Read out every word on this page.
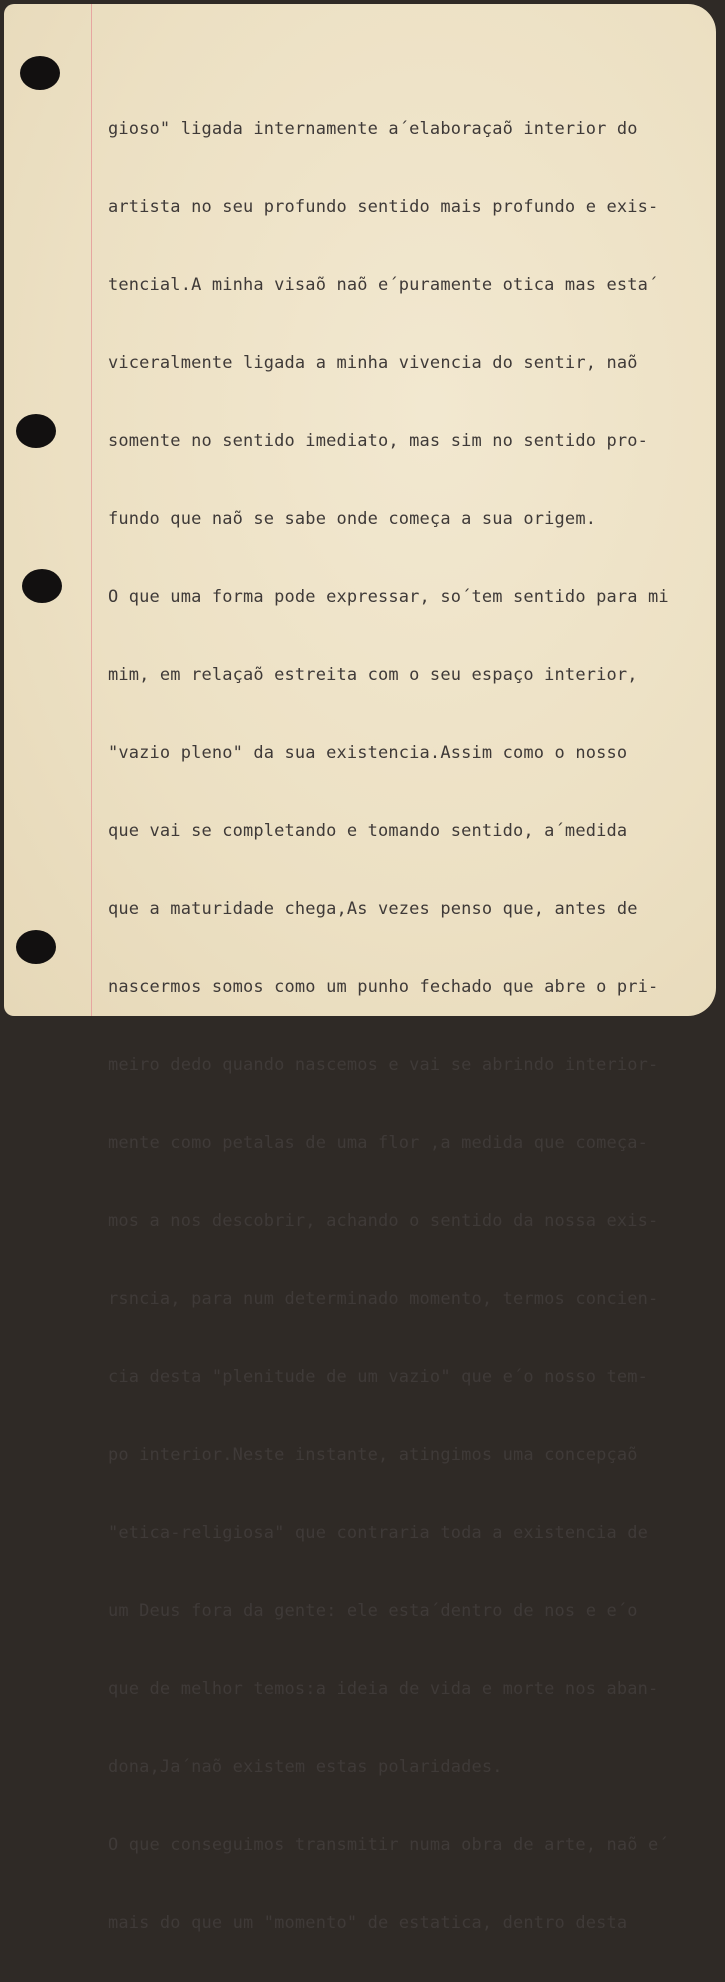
gioso" ligada internamente a´elaboraçaõ interior do

artista no seu profundo sentido mais profundo e exis-

tencial.A minha visaõ naõ e´puramente otica mas esta´

viceralmente ligada a minha vivencia do sentir, naõ

somente no sentido imediato, mas sim no sentido pro-

fundo que naõ se sabe onde começa a sua origem.

O que uma forma pode expressar, so´tem sentido para mi

mim, em relaçaõ estreita com o seu espaço interior,

"vazio pleno" da sua existencia.Assim como o nosso

que vai se completando e tomando sentido, a´medida

que a maturidade chega,As vezes penso que, antes de

nascermos somos como um punho fechado que abre o pri-

meiro dedo quando nascemos e vai se abrindo interior-

mente como petalas de uma flor ,a medida que começa-

mos a nos descobrir, achando o sentido da nossa exis-

rsncia, para num determinado momento, termos concien-

cia desta "plenitude de um vazio" que e´o nosso tem-

po interior.Neste instante, atingimos uma concepçaõ

"etica-religiosa" que contraria toda a existencia de

um Deus fora da gente: ele esta´dentro de nos e e´o

que de melhor temos:a ideia de vida e morte nos aban-

dona,Ja´naõ existem estas polaridades.

O que conseguimos transmitir numa obra de arte, naõ e´

mais do que um "momento" de estatica, dentro desta
